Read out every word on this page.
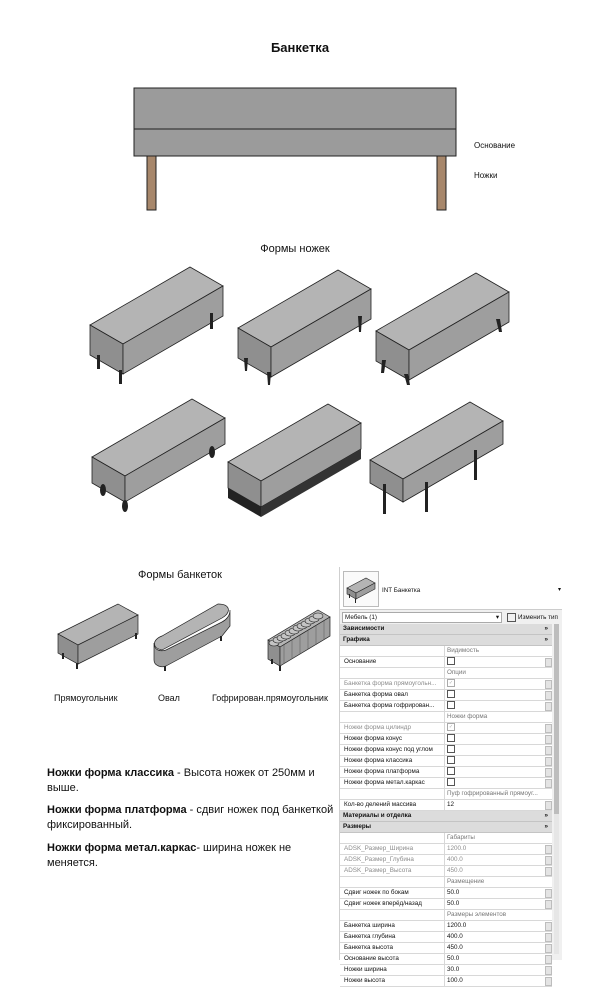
Банкетка
Основание
Ножки
Формы ножек
Формы банкеток
Прямоугольник	Овал	Гофрирован.прямоугольник
Ножки форма классика - Высота ножек от 250мм и выше.
Ножки форма платформа - сдвиг ножек под банкеткой фиксированный.
Ножки форма метал.каркас- ширина ножек не меняется.
INT Банкетка	▾
Мебель (1)	▾	Изменить тип
Зависимости	»
Графика	»
Видимость
Основание
Опции
Банкетка форма прямоугольн...	✓
Банкетка форма овал
Банкетка форма гофрирован...
Ножки форма
Ножки форма цилиндр	✓
Ножки форма конус
Ножки форма конус под углом
Ножки форма классика
Ножки форма платформа
Ножки форма метал.каркас
Пуф гофрированный прямоуг...
Кол-во делений массива	12
Материалы и отделка	»
Размеры	»
Габариты
ADSK_Размер_Ширина	1200.0
ADSK_Размер_Глубина	400.0
ADSK_Размер_Высота	450.0
Размещение
Сдвиг ножек по бокам	50.0
Сдвиг ножек вперёд/назад	50.0
Размеры элементов
Банкетка ширина	1200.0
Банкетка глубина	400.0
Банкетка высота	450.0
Основание высота	50.0
Ножки ширина	30.0
Ножки высота	100.0
